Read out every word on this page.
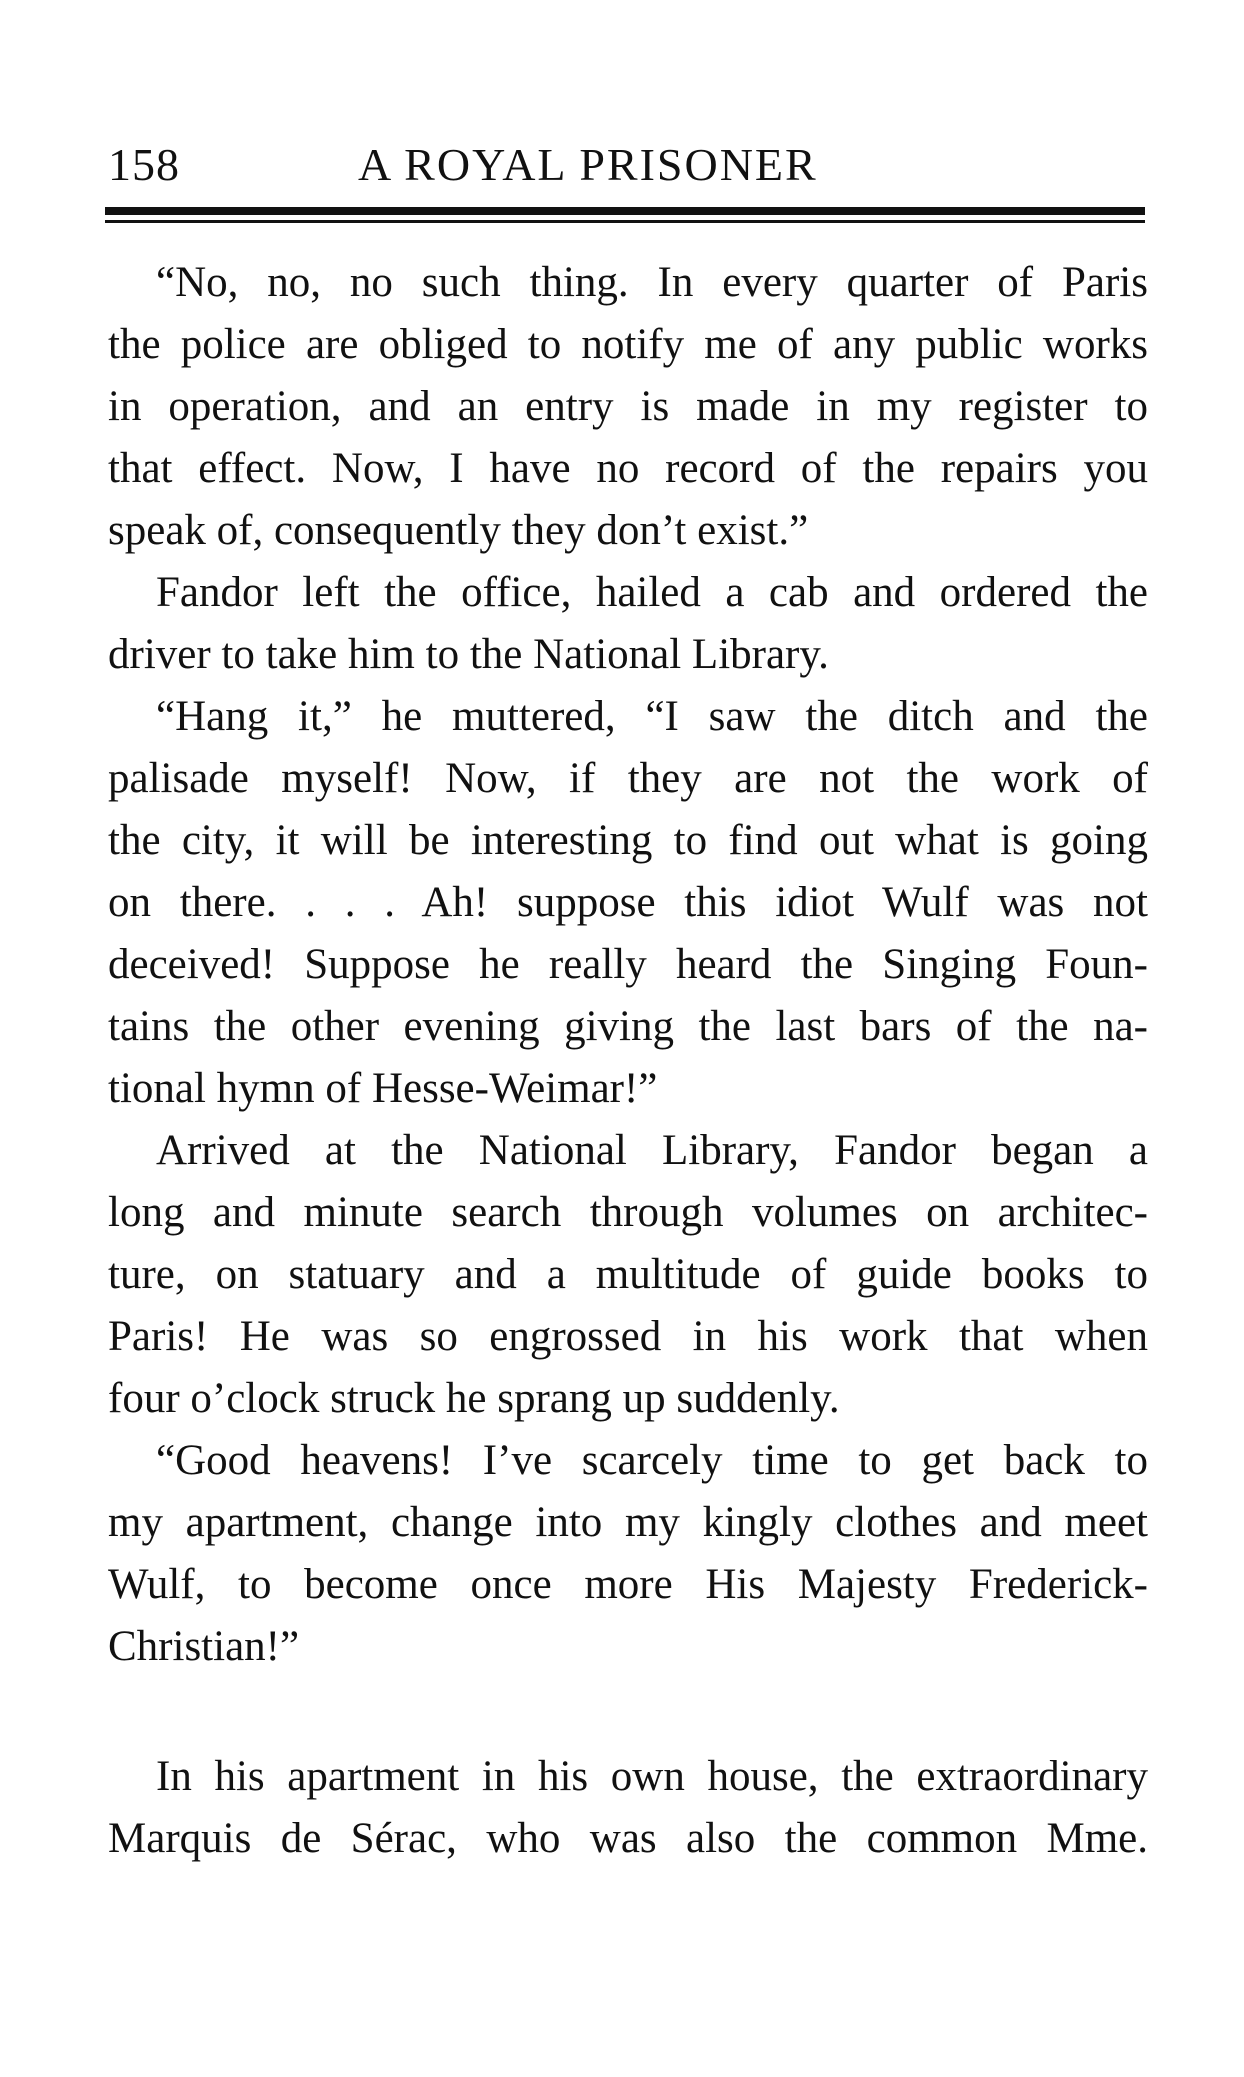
158	A ROYAL PRISONER
“No, no, no such thing. In every quarter of Paris
the police are obliged to notify me of any public works
in operation, and an entry is made in my register to
that effect. Now, I have no record of the repairs you
speak of, consequently they don’t exist.”
Fandor left the office, hailed a cab and ordered the
driver to take him to the National Library.
“Hang it,” he muttered, “I saw the ditch and the
palisade myself! Now, if they are not the work of
the city, it will be interesting to find out what is going
on there. . . . Ah! suppose this idiot Wulf was not
deceived! Suppose he really heard the Singing Foun-
tains the other evening giving the last bars of the na-
tional hymn of Hesse-Weimar!”
Arrived at the National Library, Fandor began a
long and minute search through volumes on architec-
ture, on statuary and a multitude of guide books to
Paris! He was so engrossed in his work that when
four o’clock struck he sprang up suddenly.
“Good heavens! I’ve scarcely time to get back to
my apartment, change into my kingly clothes and meet
Wulf, to become once more His Majesty Frederick-
Christian!”
In his apartment in his own house, the extraordinary
Marquis de Sérac, who was also the common Mme.
